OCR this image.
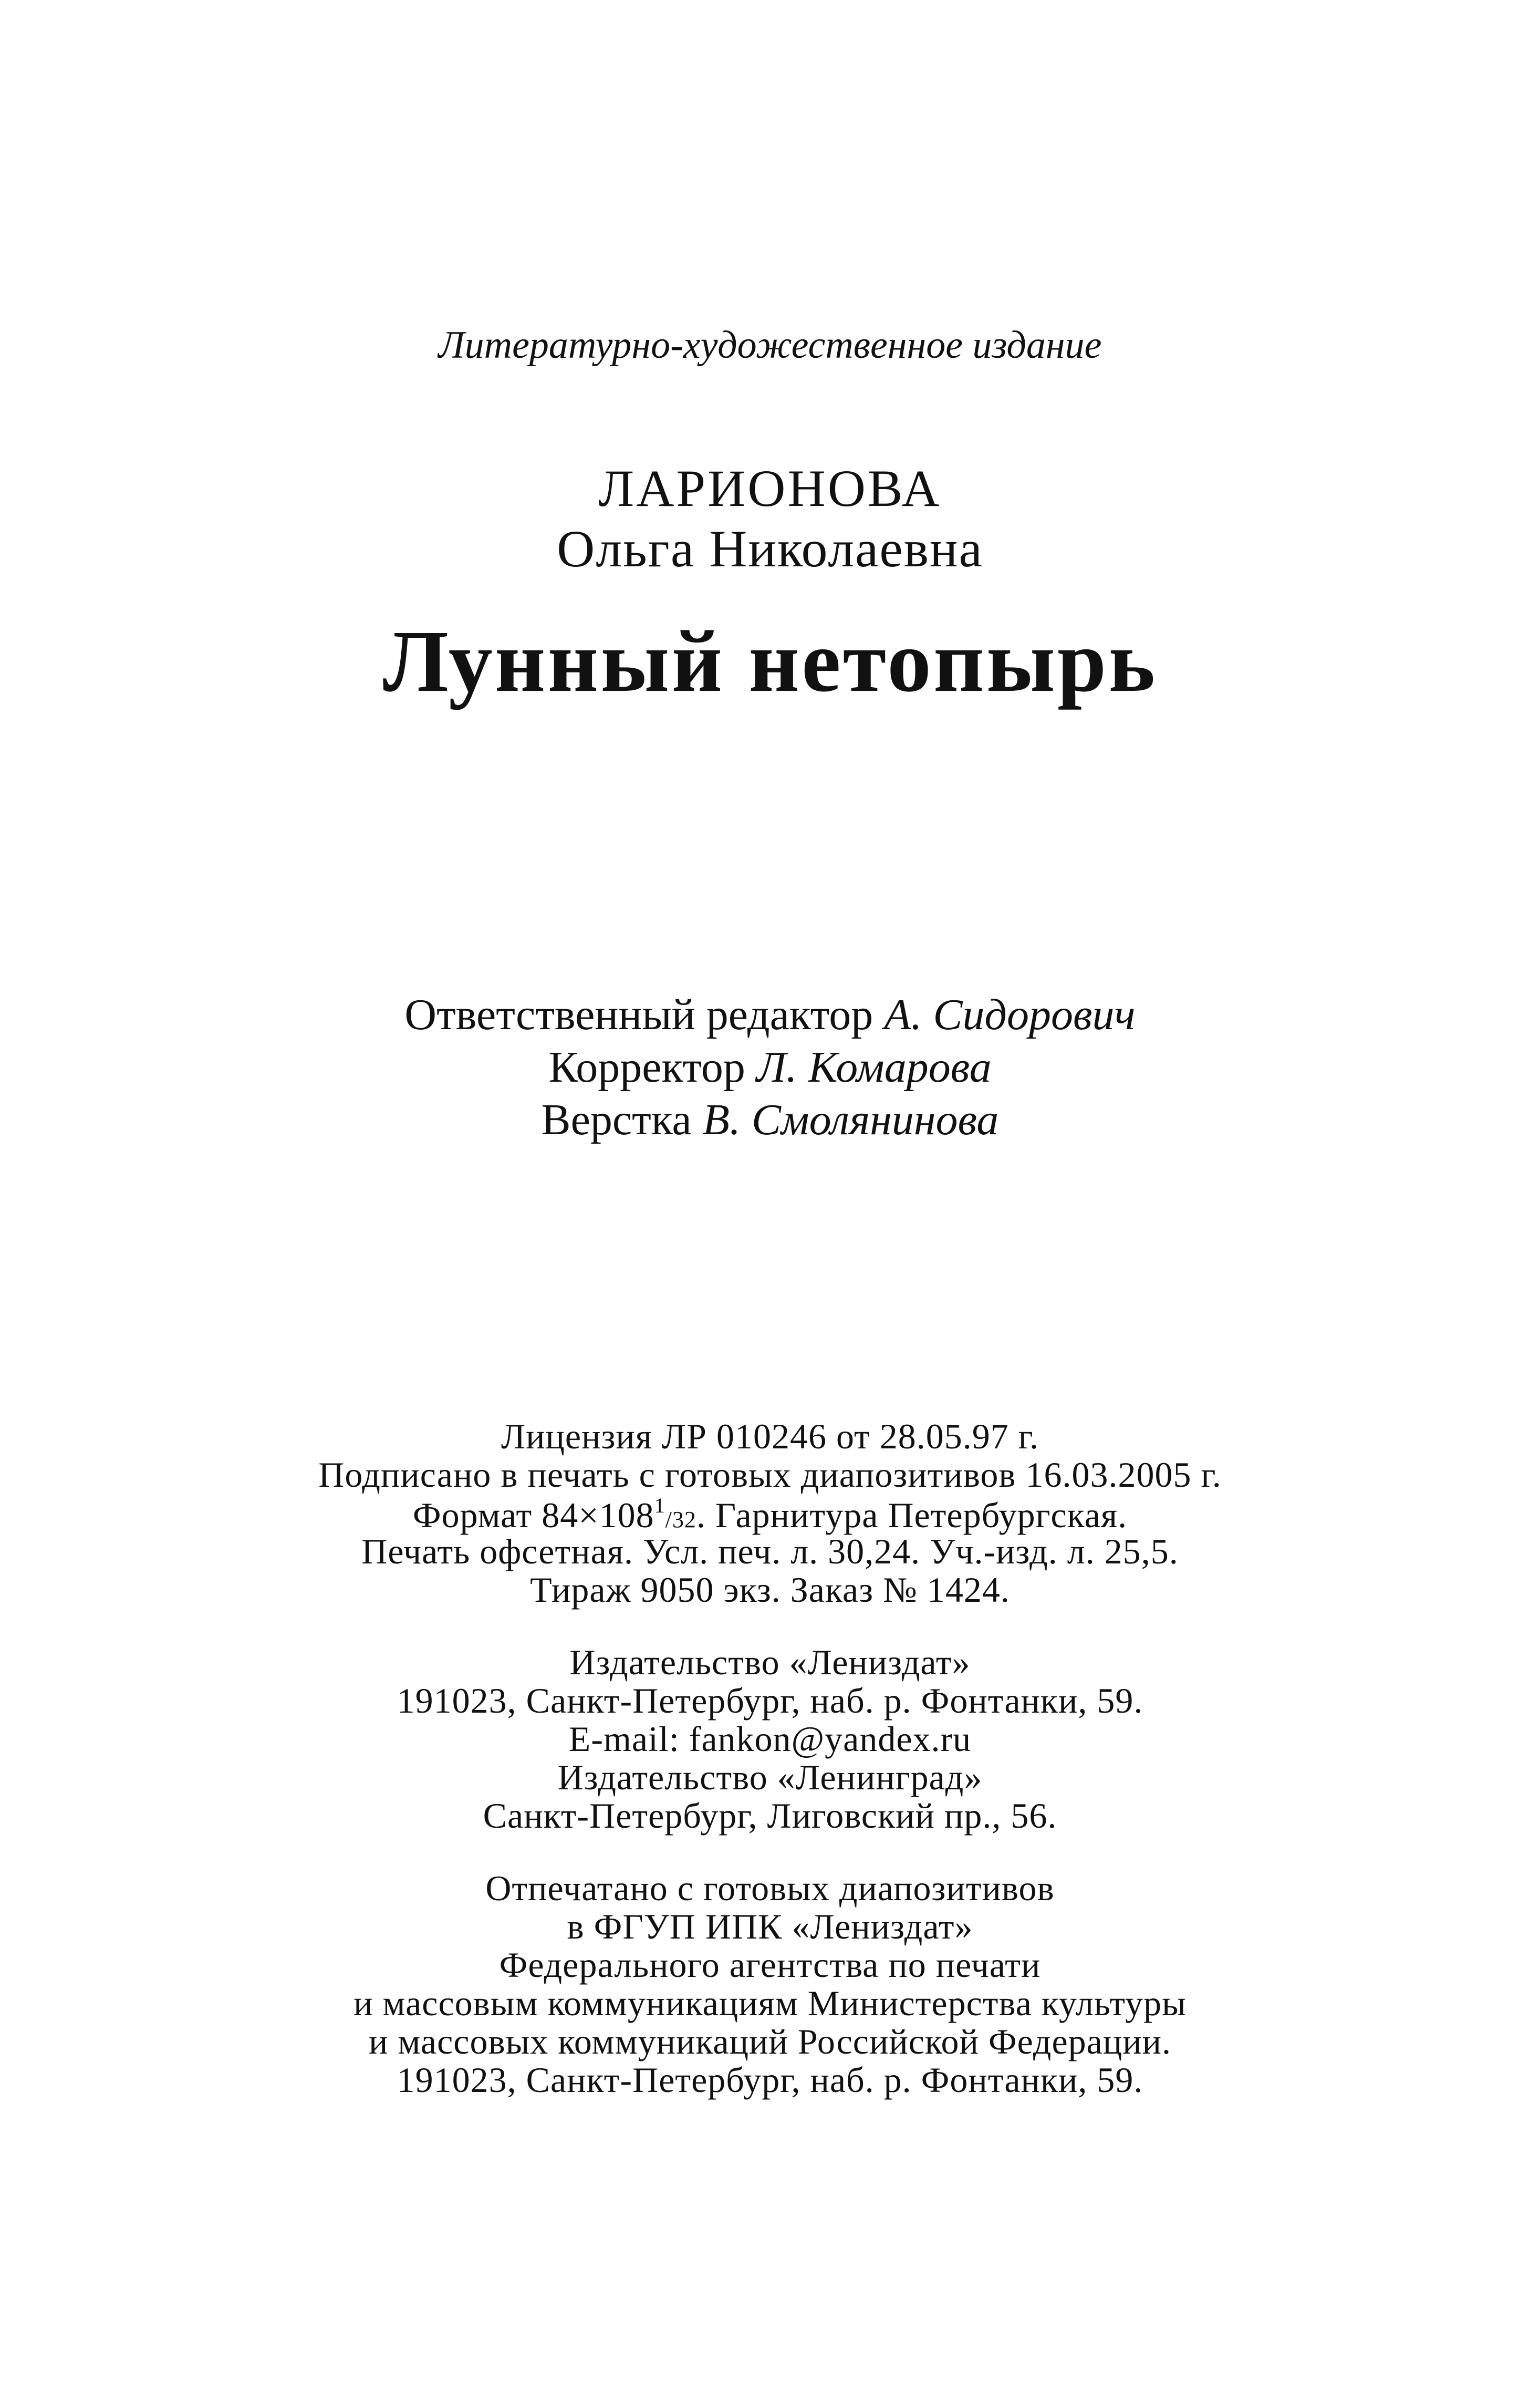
Литературно-художественное издание
ЛАРИОНОВА
Ольга Николаевна
Лунный нетопырь
Ответственный редактор А. Сидорович
Корректор Л. Комарова
Верстка В. Смолянинова
Лицензия ЛР 010246 от 28.05.97 г.
Подписано в печать с готовых диапозитивов 16.03.2005 г.
Формат $84\times 108^1/32$. Гарнитура Петербургская.
Печать офсетная. Усл. печ. л. 30,24. Уч.-изд. л. 25,5.
Тираж 9050 экз. Заказ № 1424.
Издательство «Лениздат»
191023, Санкт-Петербург, наб. р. Фонтанки, 59.
E-mail: fankon@yandex.ru
Издательство «Ленинград»
Санкт-Петербург, Лиговский пр., 56.
Отпечатано с готовых диапозитивов
в ФГУП ИПК «Лениздат»
Федерального агентства по печати
и массовым коммуникациям Министерства культуры
и массовых коммуникаций Российской Федерации.
191023, Санкт-Петербург, наб. р. Фонтанки, 59.
